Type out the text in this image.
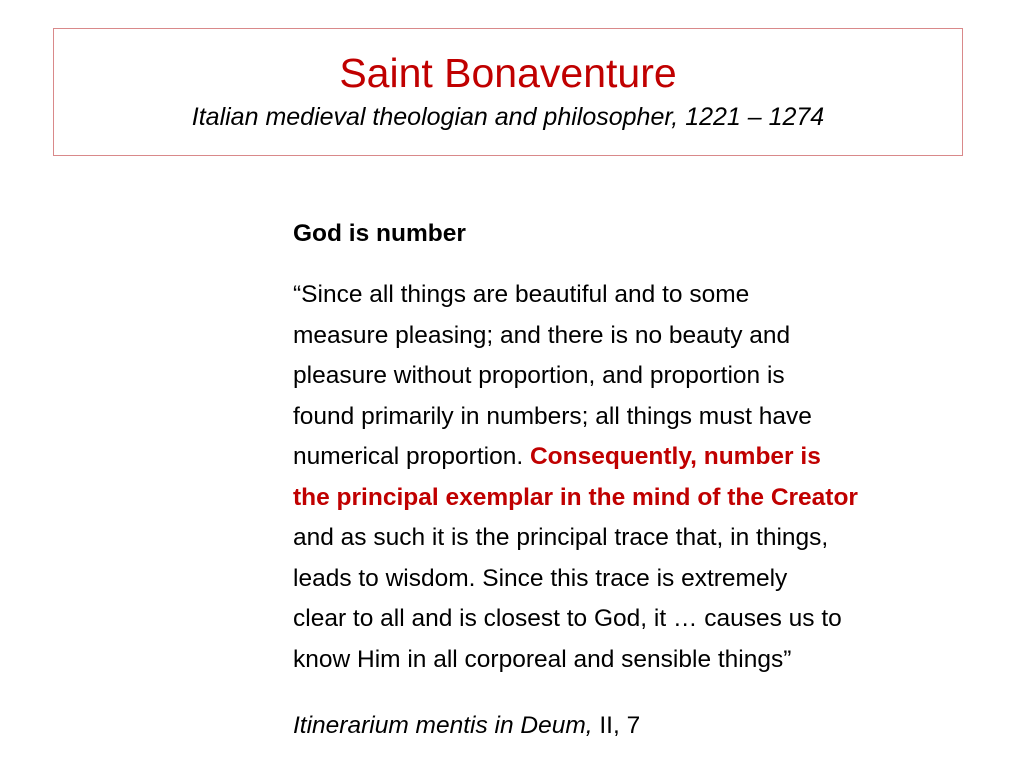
Saint Bonaventure
Italian medieval theologian and philosopher, 1221 – 1274

God is number

“Since all things are beautiful and to some
measure pleasing; and there is no beauty and
pleasure without proportion, and proportion is
found primarily in numbers; all things must have
numerical proportion. Consequently, number is
the principal exemplar in the mind of the Creator
and as such it is the principal trace that, in things,
leads to wisdom. Since this trace is extremely
clear to all and is closest to God, it … causes us to
know Him in all corporeal and sensible things”

Itinerarium mentis in Deum, II, 7
